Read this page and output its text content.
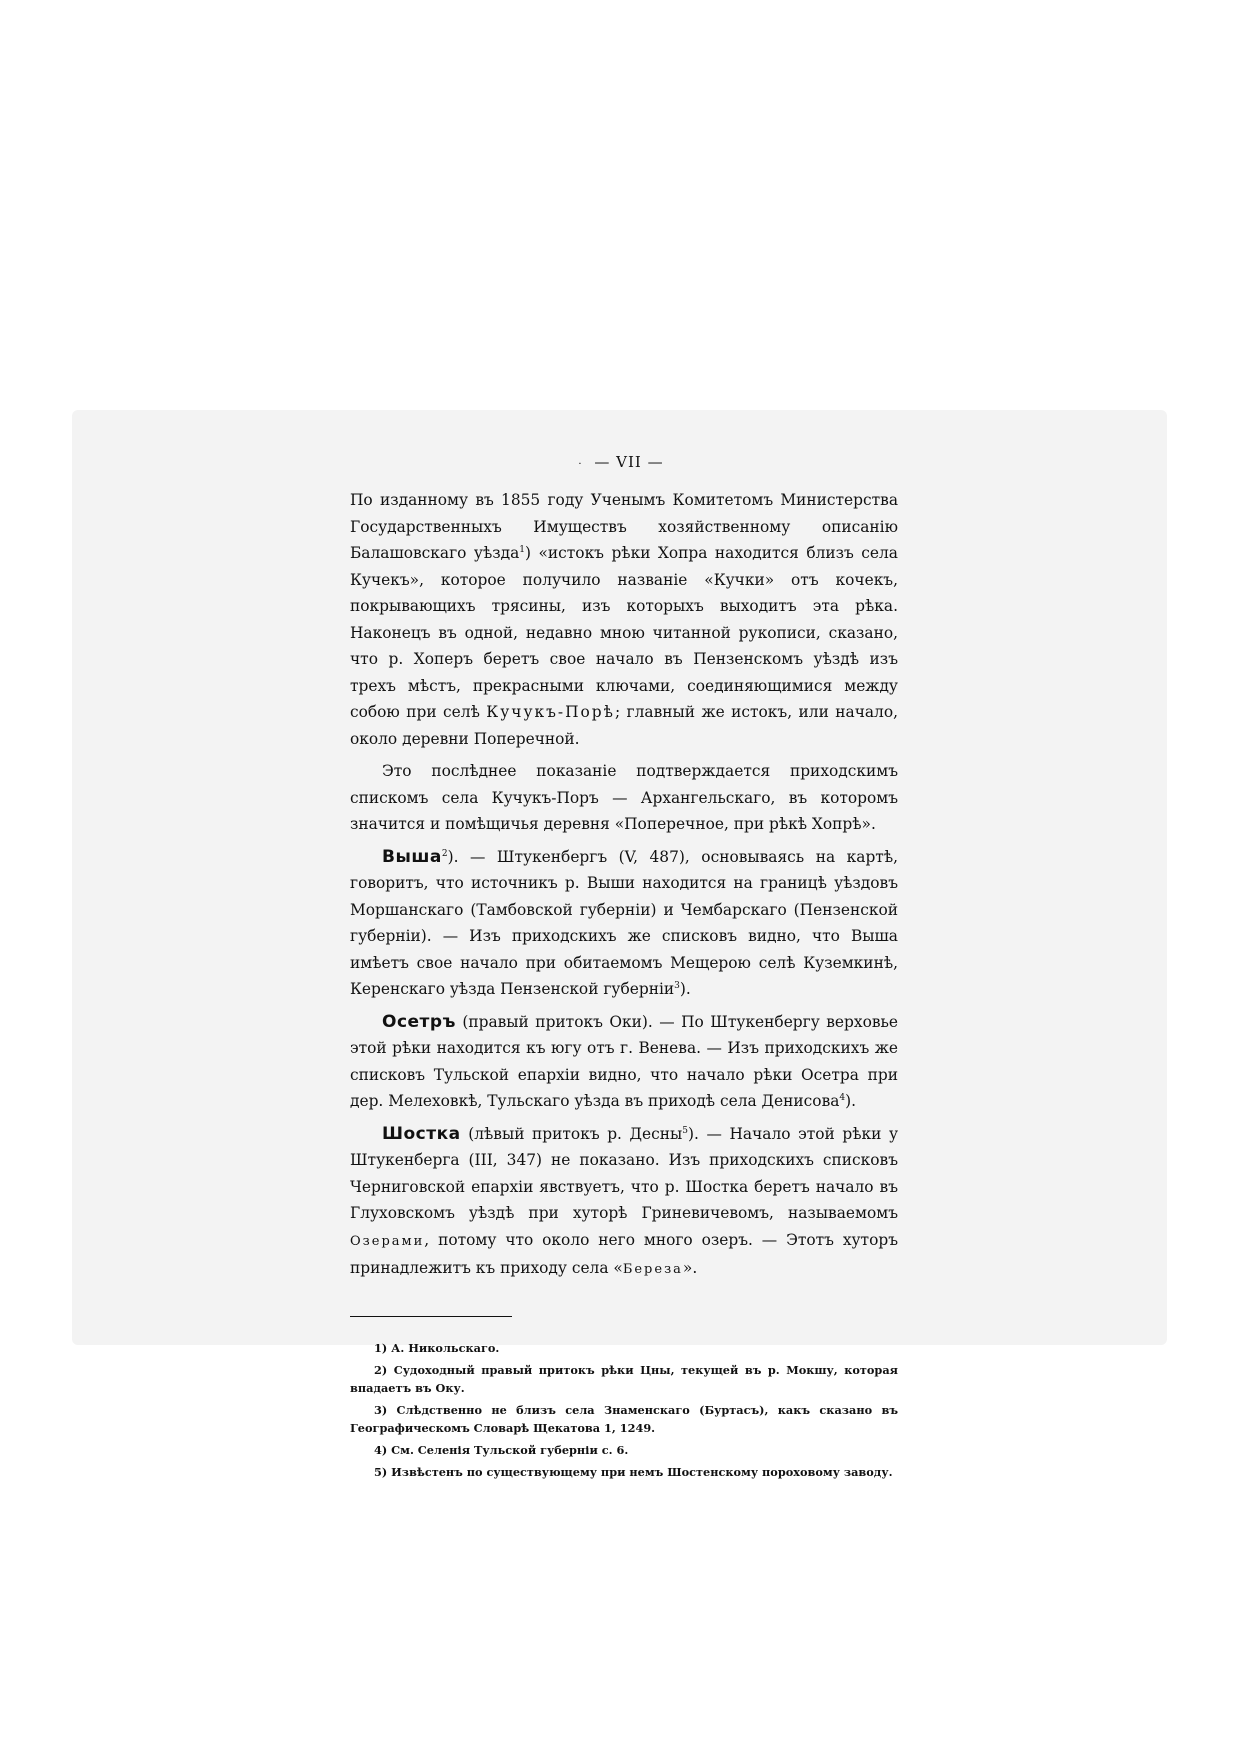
· — VII —

По изданному въ 1855 году Ученымъ Комитетомъ Министерства Государственныхъ Имуществъ хозяйственному описанію Балашовскаго уѣзда$^1$) «истокъ рѣки Хопра находится близъ села Кучекъ», которое получило названіе «Кучки» отъ кочекъ, покрывающихъ трясины, изъ которыхъ выходитъ эта рѣка. Наконецъ въ одной, недавно мною читанной рукописи, сказано, что р. Хоперъ беретъ свое начало въ Пензенскомъ уѣздѣ изъ трехъ мѣстъ, прекрасными ключами, соединяющимися между собою при селѣ Кучукъ-Порѣ; главный же истокъ, или начало, около деревни Поперечной.

Это послѣднее показаніе подтверждается приходскимъ спискомъ села Кучукъ-Поръ — Архангельскаго, въ которомъ значится и помѣщичья деревня «Поперечное, при рѣкѣ Хопрѣ».

Выша$^2$). — Штукенбергъ (V, 487), основываясь на картѣ, говоритъ, что источникъ р. Выши находится на границѣ уѣздовъ Моршанскаго (Тамбовской губерніи) и Чембарскаго (Пензенской губерніи). — Изъ приходскихъ же списковъ видно, что Выша имѣетъ свое начало при обитаемомъ Мещерою селѣ Куземкинѣ, Керенскаго уѣзда Пензенской губерніи$^3$).

Осетръ (правый притокъ Оки). — По Штукенбергу верховье этой рѣки находится къ югу отъ г. Венева. — Изъ приходскихъ же списковъ Тульской епархіи видно, что начало рѣки Осетра при дер. Мелеховкѣ, Тульскаго уѣзда въ приходѣ села Денисова$^4$).

Шостка (лѣвый притокъ р. Десны$^5$). — Начало этой рѣки у Штукенберга (III, 347) не показано. Изъ приходскихъ списковъ Черниговской епархіи явствуетъ, что р. Шостка беретъ начало въ Глуховскомъ уѣздѣ при хуторѣ Гриневичевомъ, называемомъ Озерами, потому что около него много озеръ. — Этотъ хуторъ принадлежитъ къ приходу села «Береза».

1) А. Никольскаго.
2) Судоходный правый притокъ рѣки Цны, текущей въ р. Мокшу, которая впадаетъ въ Оку.
3) Слѣдственно не близъ села Знаменскаго (Буртасъ), какъ сказано въ Географическомъ Словарѣ Щекатова 1, 1249.
4) См. Селенія Тульской губерніи с. 6.
5) Извѣстенъ по существующему при немъ Шостенскому пороховому заводу.
